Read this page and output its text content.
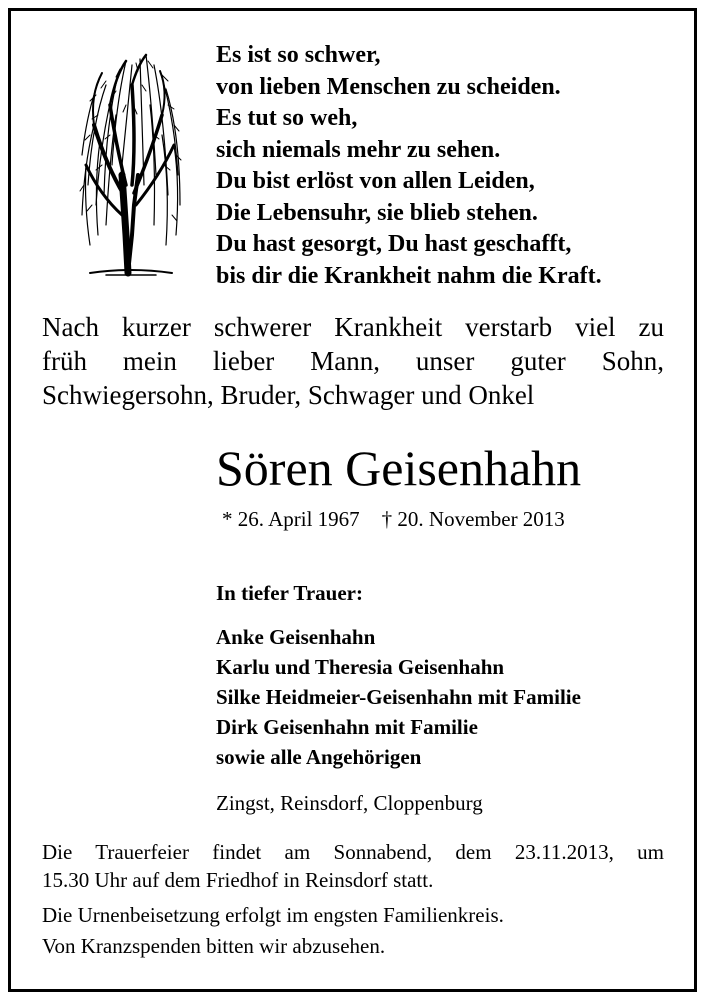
Es ist so schwer,
von lieben Menschen zu scheiden.
Es tut so weh,
sich niemals mehr zu sehen.
Du bist erlöst von allen Leiden,
Die Lebensuhr, sie blieb stehen.
Du hast gesorgt, Du hast geschafft,
bis dir die Krankheit nahm die Kraft.
Nach kurzer schwerer Krankheit verstarb viel zu
früh mein lieber Mann, unser guter Sohn,
Schwiegersohn, Bruder, Schwager und Onkel
Sören Geisenhahn
* 26. April 1967 † 20. November 2013
In tiefer Trauer:
Anke Geisenhahn
Karlu und Theresia Geisenhahn
Silke Heidmeier-Geisenhahn mit Familie
Dirk Geisenhahn mit Familie
sowie alle Angehörigen
Zingst, Reinsdorf, Cloppenburg
Die Trauerfeier findet am Sonnabend, dem 23.11.2013, um
15.30 Uhr auf dem Friedhof in Reinsdorf statt.
Die Urnenbeisetzung erfolgt im engsten Familienkreis.
Von Kranzspenden bitten wir abzusehen.
